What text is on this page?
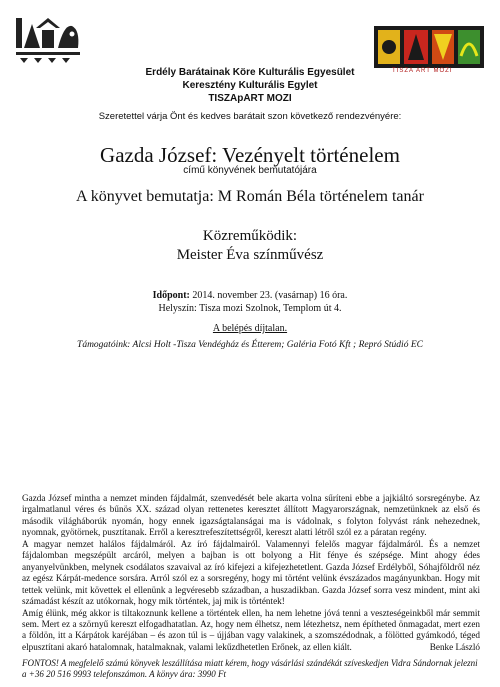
TISZA ART MOZI
Erdély Barátainak Köre Kulturális Egyesület
Keresztény Kulturális Egylet
TISZApART MOZI
Szeretettel várja Önt és kedves barátait szon következő rendezvényére:
Gazda József: Vezényelt történelem
című könyvének bemutatójára
A könyvet bemutatja: M Román Béla történelem tanár
Közreműködik:
Meister Éva színművész
Időpont: 2014. november 23. (vasárnap) 16 óra.
Helyszín: Tisza mozi Szolnok, Templom út 4.
A belépés díjtalan.
Támogatóink: Alcsi Holt -Tisza Vendégház és Étterem; Galéria Fotó Kft ; Repró Stúdió EC

Gazda József mintha a nemzet minden fájdalmát, szenvedését bele akarta volna sűríteni ebbe a jajkiáltó sorsregénybe. Az irgalmatlanul véres és bűnös XX. század olyan rettenetes keresztet állított Magyarországnak, nemzetünknek az első és második világháborúk nyomán, hogy ennek igazságtalanságai ma is vádolnak, s folyton folyvást ránk nehezednek, nyomnak, gyötörnek, pusztítanak. Erről a keresztrefeszítettségről, kereszt alatti létről szól ez a páratan regény.

A magyar nemzet halálos fájdalmáról. Az író fájdalmairól. Valamennyi felelős magyar fájdalmáról. És a nemzet fájdalomban megszépült arcáról, melyen a bajban is ott bolyong a Hit fénye és szépsége. Mint ahogy édes anyanyelvünkben, melynek csodálatos szavaival az író kifejezi a kifejezhetetlent. Gazda József Erdélyből, Sóhajföldről néz az egész Kárpát-medence sorsára. Arról szól ez a sorsregény, hogy mi történt velünk évszázados magányunkban. Hogy mit tettek velünk, mit követtek el ellenünk a legvéresebb században, a huszadikban. Gazda József sorra vesz mindent, mint aki számadást készít az utókornak, hogy mik történtek, jaj mik is történtek!

Amíg élünk, még akkor is tiltakoznunk kellene a történtek ellen, ha nem lehetne jóvá tenni a veszteségeinkből már semmit sem. Mert ez a szörnyű kereszt elfogadhatatlan. Az, hogy nem élhetsz, nem létezhetsz, nem építheted önmagadat, mert ezen a földön, itt a Kárpátok karéjában – és azon túl is – újjában vagy valakinek, a szomszédodnak, a fölötted gyámkodó, téged elpusztítani akaró hatalomnak, hatalmaknak, valami lekűzdhetetlen Erőnek, az ellen kiált.	Benke László

FONTOS! A megfelelő számú könyvek leszállítása miatt kérem, hogy vásárlási szándékát szíveskedjen Vidra Sándornak jelezni a +36 20 516 9993 telefonszámon. A könyv ára: 3990 Ft
